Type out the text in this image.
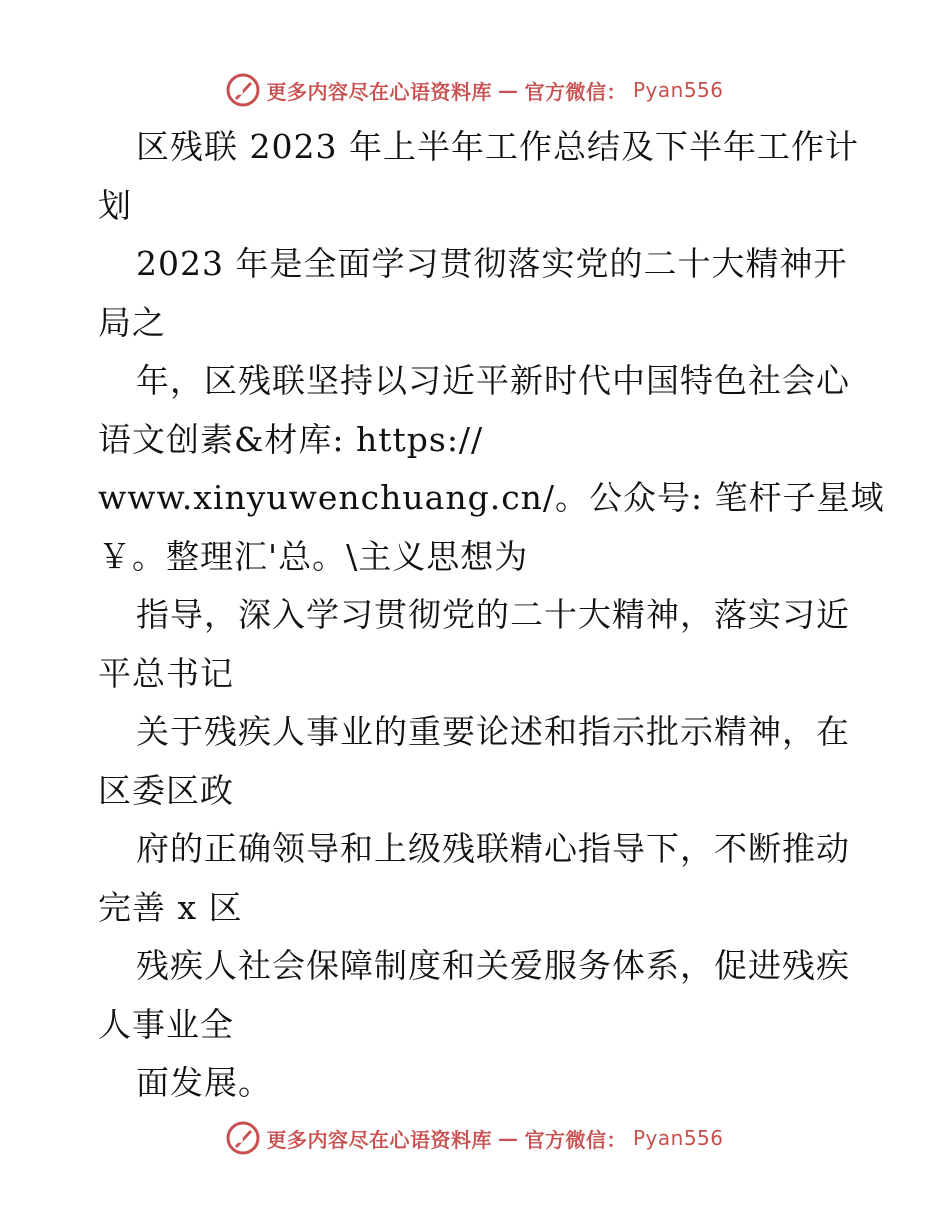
更多内容尽在心语资料库 — 官方微信： Pyan556
区残联 2023 年上半年工作总结及下半年工作计
划
2023 年是全面学习贯彻落实党的二十大精神开
局之
年，区残联坚持以习近平新时代中国特色社会心
语文创素&材库: https://
www.xinyuwenchuang.cn/。公众号: 笔杆子星域
￥。整理汇'总。\主义思想为
指导，深入学习贯彻党的二十大精神，落实习近
平总书记
关于残疾人事业的重要论述和指示批示精神，在
区委区政
府的正确领导和上级残联精心指导下，不断推动
完善 x 区
残疾人社会保障制度和关爱服务体系，促进残疾
人事业全
面发展。
更多内容尽在心语资料库 — 官方微信： Pyan556
